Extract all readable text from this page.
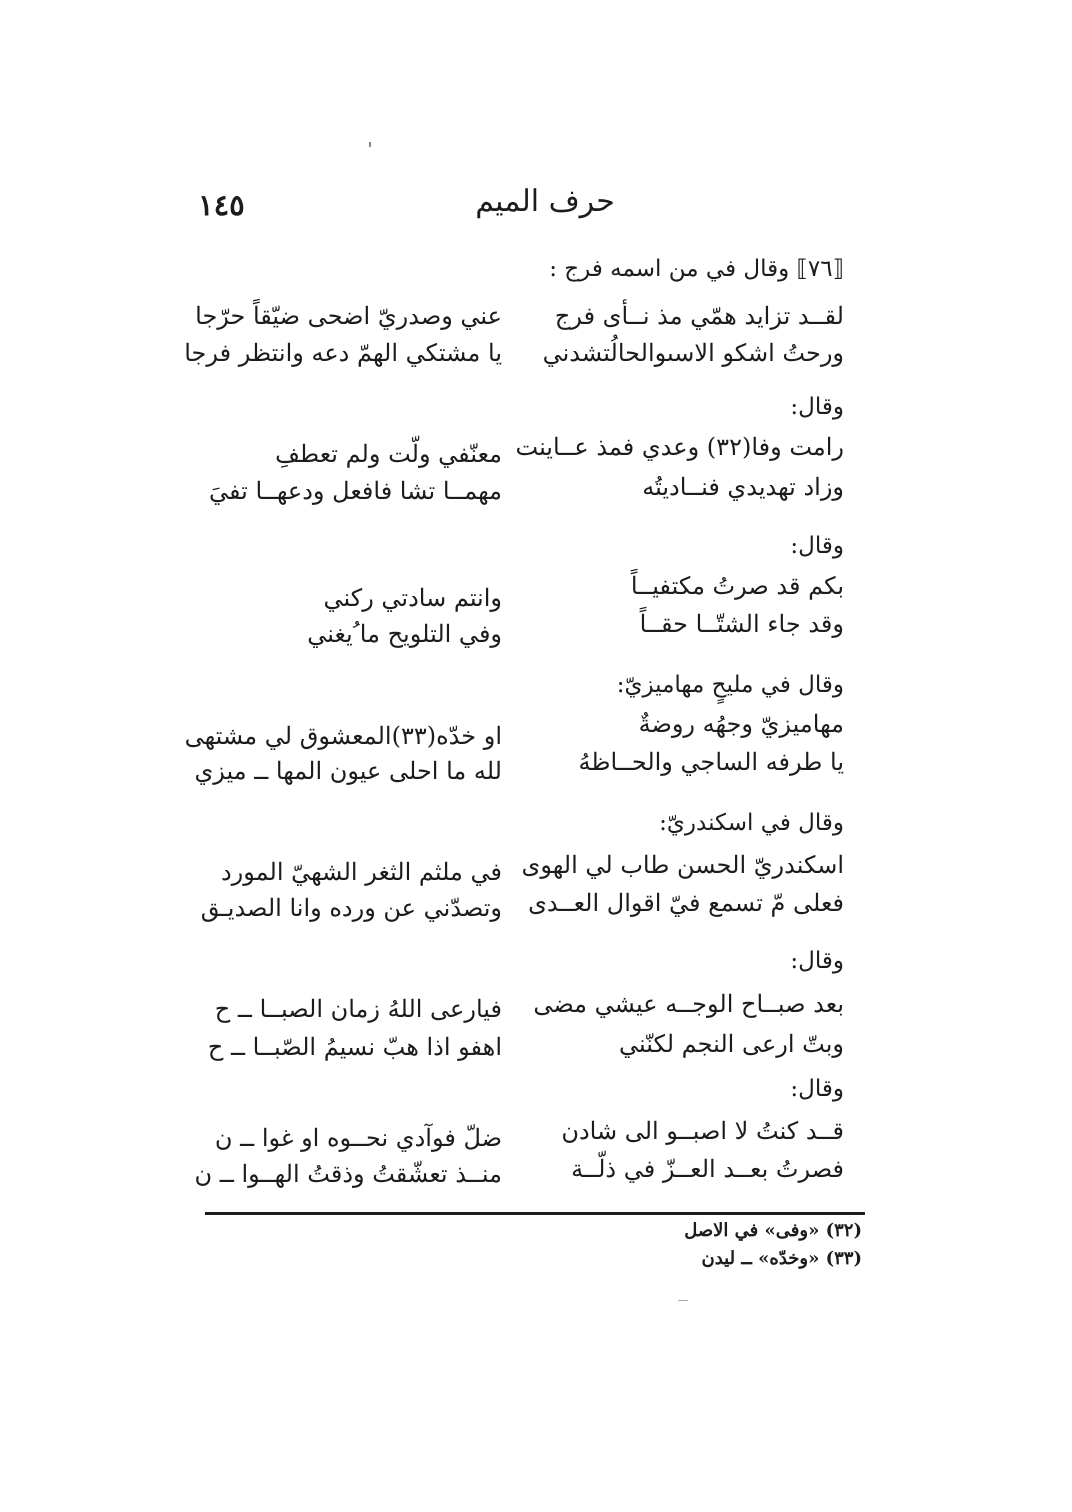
١٤٥	حرف الميم
⟦٧٦⟧ وقال في من اسمه فرج :
لقــد تزايد همّي مذ نــأى فرج
عني وصدريّ اضحى ضيّقاً حرّجا
ورحتُ اشكو الاسىوالحالُتشدني
يا مشتكي الهمّ دعه وانتظر فرجا
وقال:
رامت وفا(٣٢) وعدي فمذ عــاينت
معنّفي ولّت ولم تعطفِ
وزاد تهديدي فنــاديتُه
مهمــا تشا فافعل ودعهــا تفيَ
وقال:
بكم قد صرتُ مكتفيــاً
وانتم سادتي ركني
وقد جاء الشتّــا حقــاً
وفي التلويح ما ُيغني
وقال في مليحٍ مهاميزيّ:
مهاميزيّ وجهُه روضةٌ
او خدّه(٣٣)المعشوق لي مشتهى
يا طرفه الساجي والحــاظهُ
لله ما احلى عيون المها ــ ميزي
وقال في اسكندريّ:
اسكندريّ الحسن طاب لي الهوى
في ملثم الثغر الشهيّ المورد
فعلى مّ تسمع فيّ اقوال العــدى
وتصدّني عن ورده وانا الصديـق
وقال:
بعد صبــاح الوجــه عيشي مضى
فيارعى اللهُ زمان الصبــا ــ ح
وبتّ ارعى النجم لكنّني
اهفو اذا هبّ نسيمُ الصّبــا ــ ح
وقال:
قــد كنتُ لا اصبــو الى شادن
ضلّ فوآدي نحــوه او غوا ــ ن
فصرتُ بعــد العــزّ في ذلّــة
منــذ تعشّقتُ وذقتُ الهــوا ــ ن
(٣٢) «وفى» في الاصل
(٣٣) «وخدّه» ــ ليدن
